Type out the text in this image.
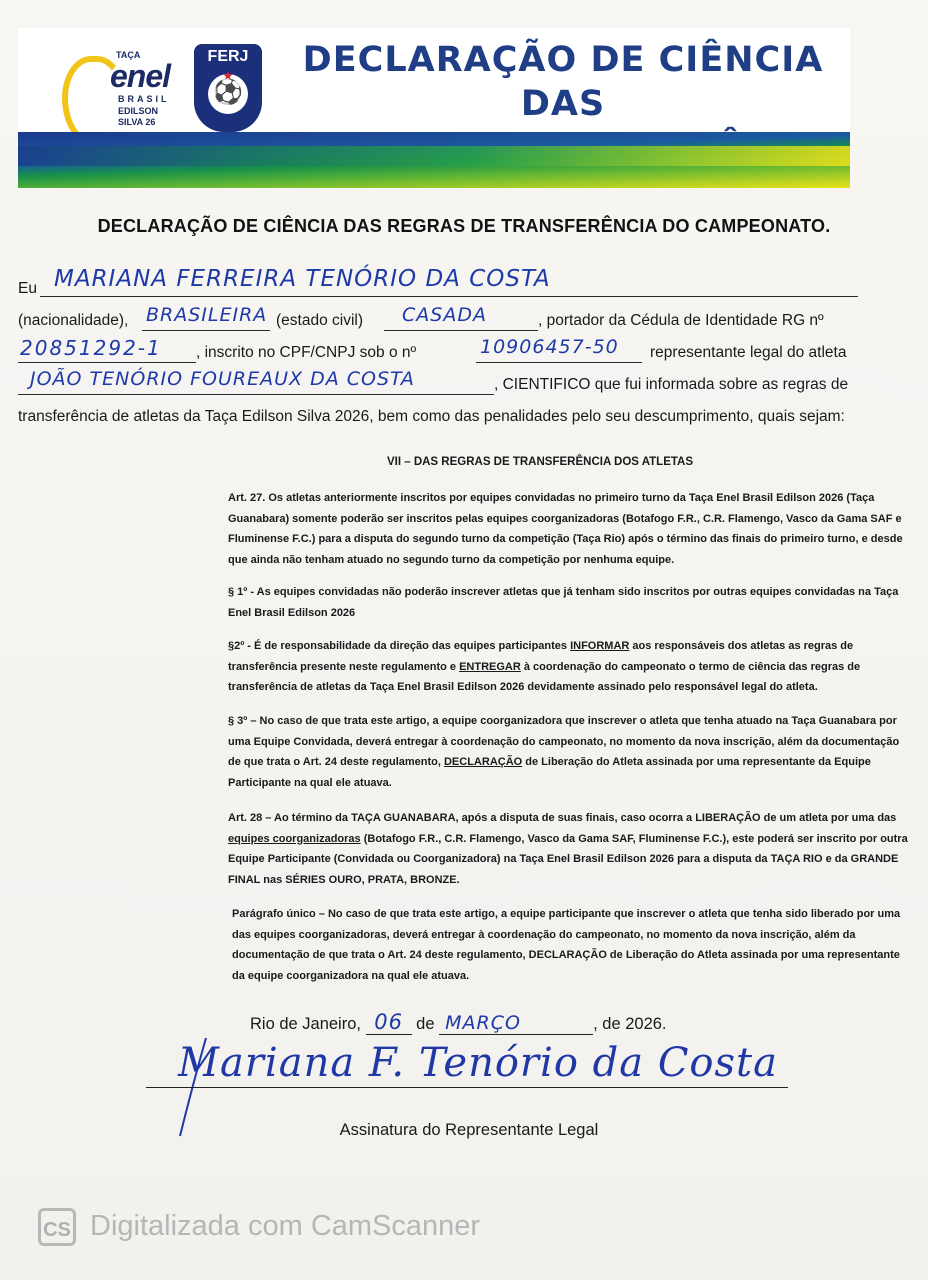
TAÇA
enel
BRASIL
EDILSON
SILVA 26
FERJ
★
⚽
DECLARAÇÃO DE CIÊNCIA DAS
DECLARAÇÃO DE CIÊNCIA DAS REGRAS DE TRANSFERÊNCIA DO CAMPEONATO.
Eu MARIANA FERREIRA TENÓRIO DA COSTA
(nacionalidade), BRASILEIRA (estado civil) CASADA	, portador da Cédula de Identidade RG nº
20851292-1 , inscrito no CPF/CNPJ sob o nº	10906457-50 representante legal do atleta
JOÃO TENÓRIO FOUREAUX DA COSTA	, CIENTIFICO que fui informada sobre as regras de
transferência de atletas da Taça Edilson Silva 2026, bem como das penalidades pelo seu descumprimento, quais sejam:
VII – DAS REGRAS DE TRANSFERÊNCIA DOS ATLETAS
Art. 27. Os atletas anteriormente inscritos por equipes convidadas no primeiro turno da Taça Enel Brasil Edilson 2026 (Taça Guanabara) somente poderão ser inscritos pelas equipes coorganizadoras (Botafogo F.R., C.R. Flamengo, Vasco da Gama SAF e Fluminense F.C.) para a disputa do segundo turno da competição (Taça Rio) após o término das finais do primeiro turno, e desde que ainda não tenham atuado no segundo turno da competição por nenhuma equipe.
§ 1º - As equipes convidadas não poderão inscrever atletas que já tenham sido inscritos por outras equipes convidadas na Taça Enel Brasil Edilson 2026
§2º - É de responsabilidade da direção das equipes participantes INFORMAR aos responsáveis dos atletas as regras de transferência presente neste regulamento e ENTREGAR à coordenação do campeonato o termo de ciência das regras de transferência de atletas da Taça Enel Brasil Edilson 2026 devidamente assinado pelo responsável legal do atleta.
§ 3º – No caso de que trata este artigo, a equipe coorganizadora que inscrever o atleta que tenha atuado na Taça Guanabara por uma Equipe Convidada, deverá entregar à coordenação do campeonato, no momento da nova inscrição, além da documentação de que trata o Art. 24 deste regulamento, DECLARAÇÃO de Liberação do Atleta assinada por uma representante da Equipe Participante na qual ele atuava.
Art. 28 – Ao término da TAÇA GUANABARA, após a disputa de suas finais, caso ocorra a LIBERAÇÃO de um atleta por uma das equipes coorganizadoras (Botafogo F.R., C.R. Flamengo, Vasco da Gama SAF, Fluminense F.C.), este poderá ser inscrito por outra Equipe Participante (Convidada ou Coorganizadora) na Taça Enel Brasil Edilson 2026 para a disputa da TAÇA RIO e da GRANDE FINAL nas SÉRIES OURO, PRATA, BRONZE.
Parágrafo único – No caso de que trata este artigo, a equipe participante que inscrever o atleta que tenha sido liberado por uma das equipes coorganizadoras, deverá entregar à coordenação do campeonato, no momento da nova inscrição, além da documentação de que trata o Art. 24 deste regulamento, DECLARAÇÃO de Liberação do Atleta assinada por uma representante da equipe coorganizadora na qual ele atuava.
Rio de Janeiro, 06 de MARÇO	, de 2026.
Mariana F. Tenório da Costa
Assinatura do Representante Legal
CS Digitalizada com CamScanner
